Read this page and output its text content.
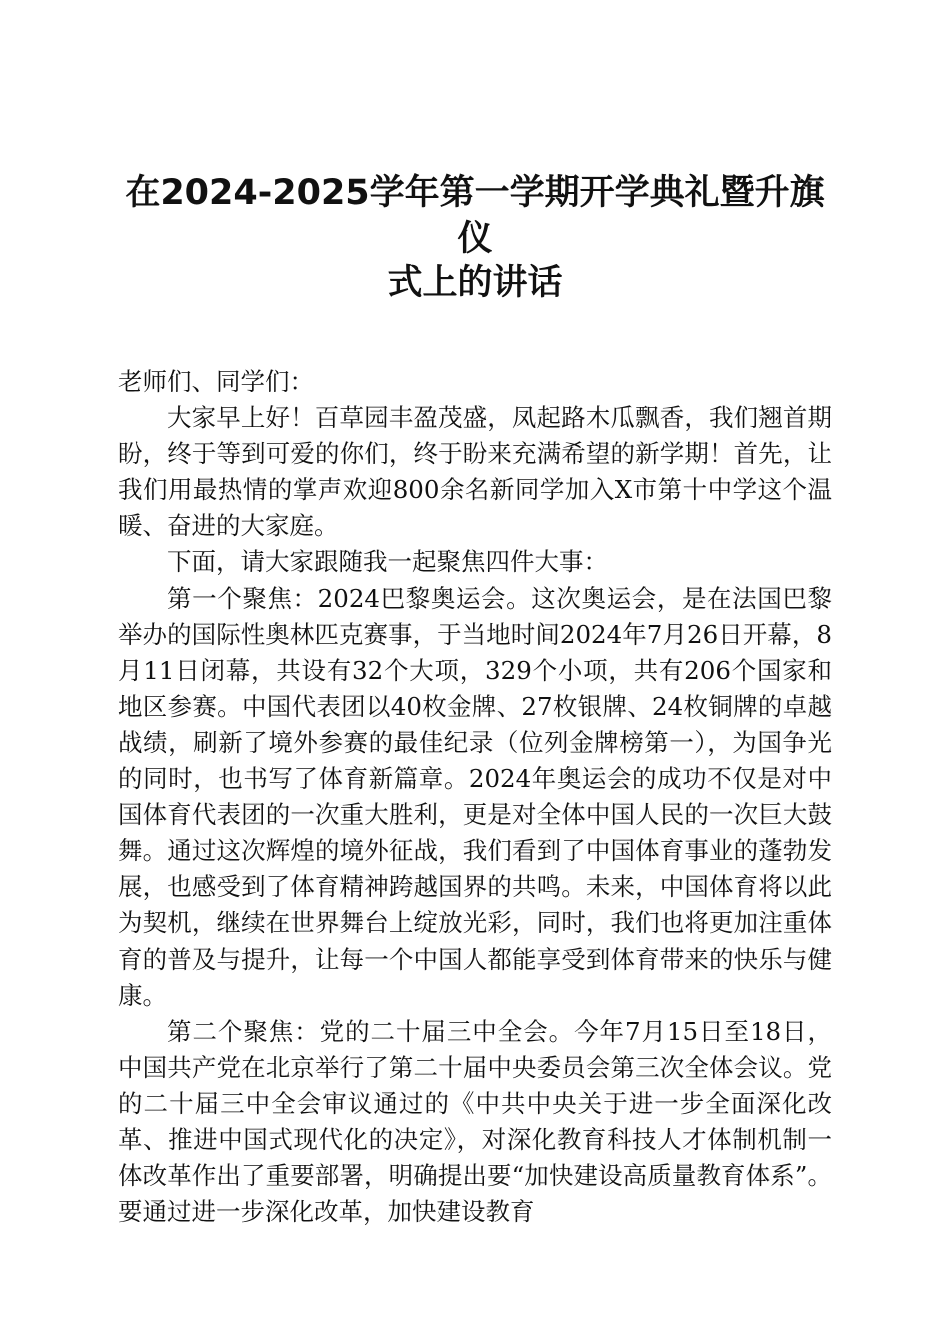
在2024-2025学年第一学期开学典礼暨升旗仪
式上的讲话

老师们、同学们：

大家早上好！百草园丰盈茂盛，凤起路木瓜飘香，我们翘首期盼，终于等到可爱的你们，终于盼来充满希望的新学期！首先，让我们用最热情的掌声欢迎800余名新同学加入X市第十中学这个温暖、奋进的大家庭。

下面，请大家跟随我一起聚焦四件大事：

第一个聚焦：2024巴黎奥运会。这次奥运会，是在法国巴黎举办的国际性奥林匹克赛事，于当地时间2024年7月26日开幕，8月11日闭幕，共设有32个大项，329个小项，共有206个国家和地区参赛。中国代表团以40枚金牌、27枚银牌、24枚铜牌的卓越战绩，刷新了境外参赛的最佳纪录（位列金牌榜第一），为国争光的同时，也书写了体育新篇章。2024年奥运会的成功不仅是对中国体育代表团的一次重大胜利，更是对全体中国人民的一次巨大鼓舞。通过这次辉煌的境外征战，我们看到了中国体育事业的蓬勃发展，也感受到了体育精神跨越国界的共鸣。未来，中国体育将以此为契机，继续在世界舞台上绽放光彩，同时，我们也将更加注重体育的普及与提升，让每一个中国人都能享受到体育带来的快乐与健康。

第二个聚焦：党的二十届三中全会。今年7月15日至18日，中国共产党在北京举行了第二十届中央委员会第三次全体会议。党的二十届三中全会审议通过的《中共中央关于进一步全面深化改革、推进中国式现代化的决定》，对深化教育科技人才体制机制一体改革作出了重要部署，明确提出要“加快建设高质量教育体系”。要通过进一步深化改革，加快建设教育
